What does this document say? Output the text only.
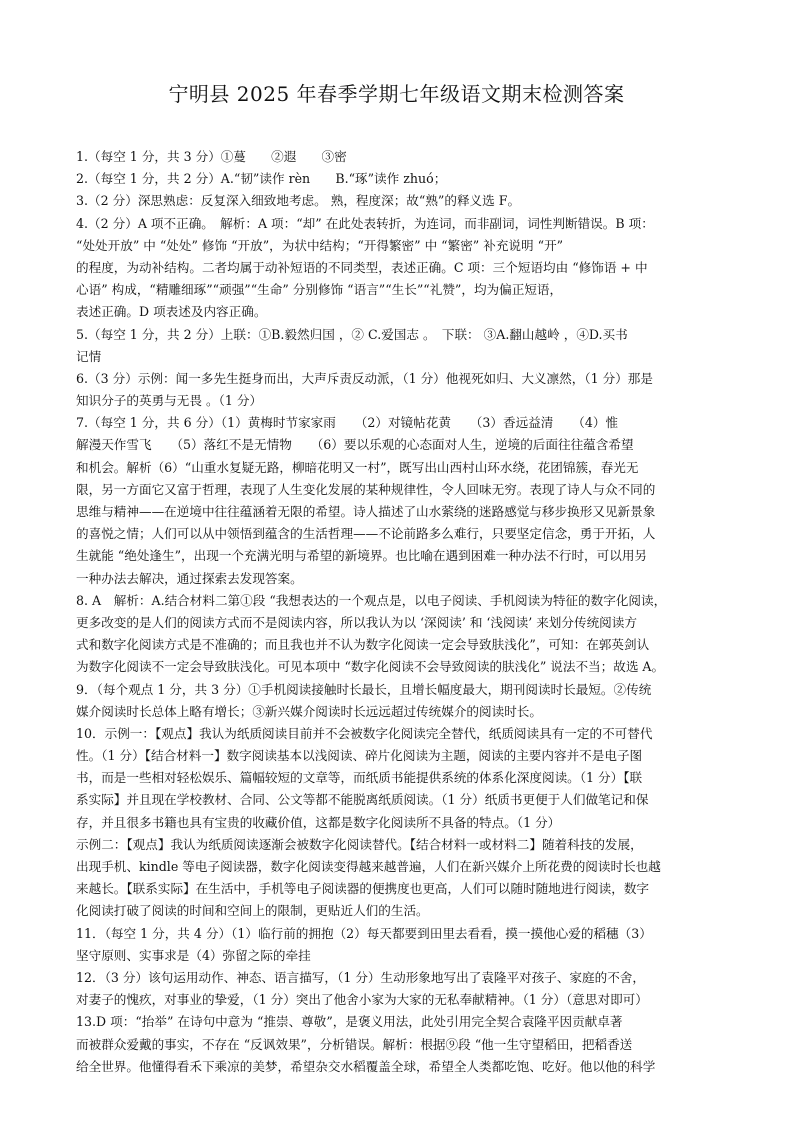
宁明县 2025 年春季学期七年级语文期末检测答案
1.（每空 1 分，共 3 分）①蔓　　②遐　　③密
2.（每空 1 分，共 2 分）A.“韧”读作 rèn　　B.“琢”读作 zhuó；
3.（2 分）深思熟虑：反复深入细致地考虑。 熟，程度深；故“熟”的释义选 F。
4.（2 分）A 项不正确。　解析：A 项：“却” 在此处表转折，为连词，而非副词，词性判断错误。B 项：
“处处开放” 中 “处处” 修饰 “开放”，为状中结构；“开得繁密” 中 “繁密” 补充说明 “开”
的程度，为动补结构。二者均属于动补短语的不同类型，表述正确。C 项：三个短语均由 “修饰语 + 中
心语” 构成，“精雕细琢”“顽强”“生命” 分别修饰 “语言”“生长”“礼赞”，均为偏正短语，
表述正确。D 项表述及内容正确。
5.（每空 1 分，共 2 分）上联：①B.毅然归国 ，② C.爱国志 。　下联： ③A.翻山越岭 ，④D.买书
记情
6.（3 分）示例：闻一多先生挺身而出，大声斥责反动派，（1 分）他视死如归、大义凛然，（1 分）那是
知识分子的英勇与无畏 。（1 分）
7.（每空 1 分，共 6 分）（1）黄梅时节家家雨　　（2）对镜帖花黄　　（3）香远益清　　（4）惟
解漫天作雪飞　　（5）落红不是无情物　　（6）要以乐观的心态面对人生，逆境的后面往往蕴含希望
和机会。解析（6）“山重水复疑无路，柳暗花明又一村”，既写出山西村山环水绕，花团锦簇，春光无
限，另一方面它又富于哲理，表现了人生变化发展的某种规律性，令人回味无穷。表现了诗人与众不同的
思维与精神——在逆境中往往蕴涵着无限的希望。诗人描述了山水萦绕的迷路感觉与移步换形又见新景象
的喜悦之情；人们可以从中领悟到蕴含的生活哲理——不论前路多么难行，只要坚定信念，勇于开拓，人
生就能 “绝处逢生”，出现一个充满光明与希望的新境界。也比喻在遇到困难一种办法不行时，可以用另
一种办法去解决，通过探索去发现答案。
8. A　解析：A.结合材料二第①段 “我想表达的一个观点是，以电子阅读、手机阅读为特征的数字化阅读，
更多改变的是人们的阅读方式而不是阅读内容，所以我认为以 ‘深阅读’ 和 ‘浅阅读’ 来划分传统阅读方
式和数字化阅读方式是不准确的；而且我也并不认为数字化阅读一定会导致肤浅化”，可知：在郭英剑认
为数字化阅读不一定会导致肤浅化。可见本项中 “数字化阅读不会导致阅读的肤浅化” 说法不当；故选 A。
9．（每个观点 1 分，共 3 分）①手机阅读接触时长最长，且增长幅度最大，期刊阅读时长最短。②传统
媒介阅读时长总体上略有增长；③新兴媒介阅读时长远远超过传统媒介的阅读时长。
10．示例一：【观点】我认为纸质阅读目前并不会被数字化阅读完全替代，纸质阅读具有一定的不可替代
性。（1 分）【结合材料一】数字阅读基本以浅阅读、碎片化阅读为主题，阅读的主要内容并不是电子图
书，而是一些相对轻松娱乐、篇幅较短的文章等，而纸质书能提供系统的体系化深度阅读。（1 分）【联
系实际】并且现在学校教材、合同、公文等都不能脱离纸质阅读。（1 分）纸质书更便于人们做笔记和保
存，并且很多书籍也具有宝贵的收藏价值，这都是数字化阅读所不具备的特点。（1 分）
示例二：【观点】我认为纸质阅读逐渐会被数字化阅读替代。【结合材料一或材料二】随着科技的发展，
出现手机、kindle 等电子阅读器，数字化阅读变得越来越普遍，人们在新兴媒介上所花费的阅读时长也越
来越长。【联系实际】在生活中，手机等电子阅读器的便携度也更高，人们可以随时随地进行阅读，数字
化阅读打破了阅读的时间和空间上的限制，更贴近人们的生活。
11．（每空 1 分，共 4 分）（1）临行前的拥抱（2）每天都要到田里去看看，摸一摸他心爱的稻穗（3）
坚守原则、实事求是（4）弥留之际的牵挂
12．（3 分）该句运用动作、神态、语言描写，（1 分）生动形象地写出了袁隆平对孩子、家庭的不舍，
对妻子的愧疚，对事业的挚爱，（1 分）突出了他舍小家为大家的无私奉献精神。（1 分）（意思对即可）
13.D 项：“抬举” 在诗句中意为 “推崇、尊敬”，是褒义用法，此处引用完全契合袁隆平因贡献卓著
而被群众爱戴的事实，不存在 “反讽效果”，分析错误。解析：根据⑨段 “他一生守望稻田，把稻香送
给全世界。他懂得看禾下乘凉的美梦，希望杂交水稻覆盖全球，希望全人类都吃饱、吃好。他以他的科学
